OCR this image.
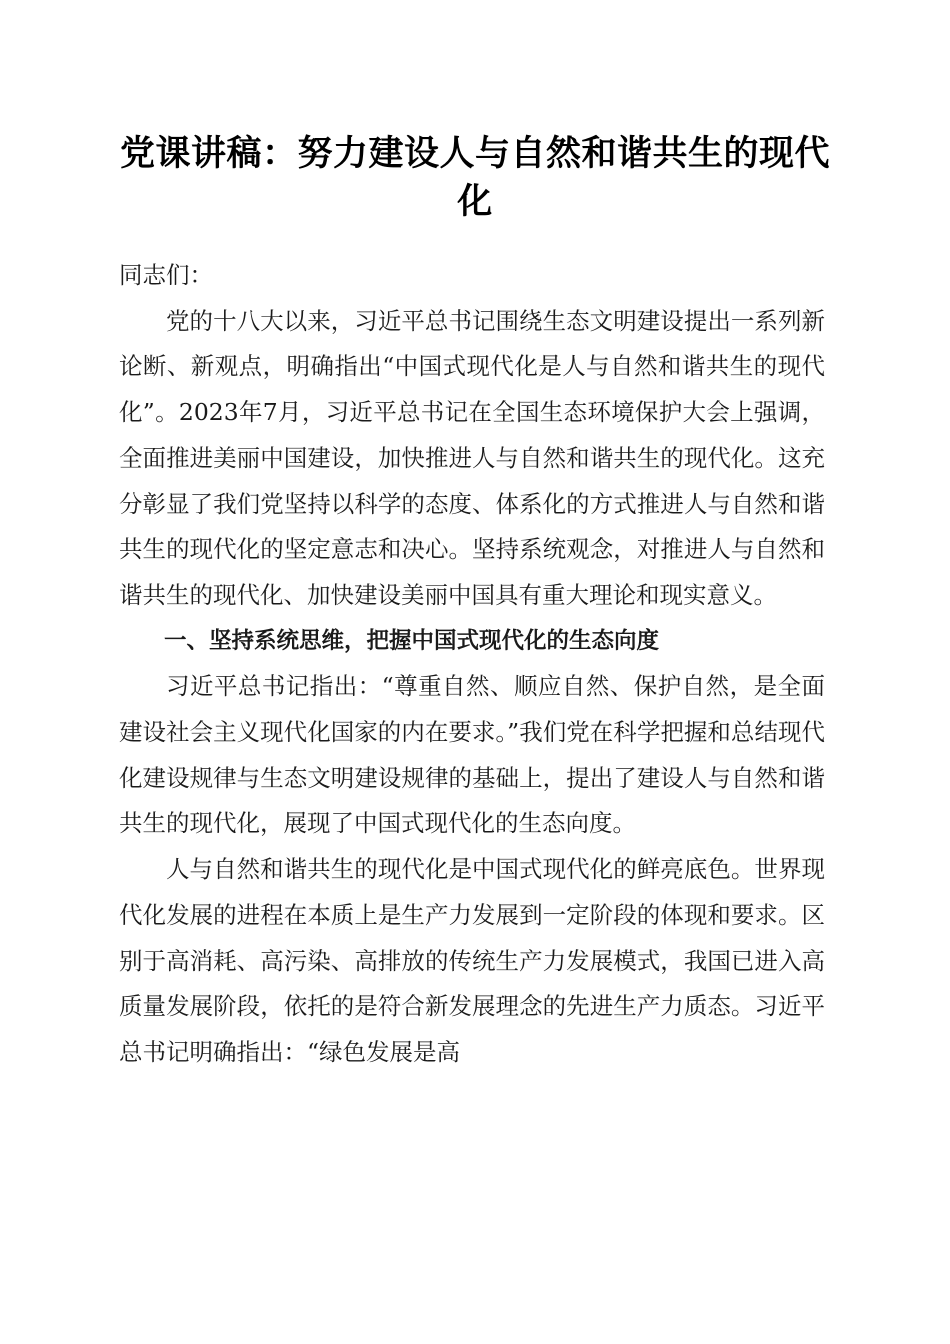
党课讲稿：努力建设人与自然和谐共生的现代化

同志们：

党的十八大以来，习近平总书记围绕生态文明建设提出一系列新论断、新观点，明确指出“中国式现代化是人与自然和谐共生的现代化”。2023年7月，习近平总书记在全国生态环境保护大会上强调，全面推进美丽中国建设，加快推进人与自然和谐共生的现代化。这充分彰显了我们党坚持以科学的态度、体系化的方式推进人与自然和谐共生的现代化的坚定意志和决心。坚持系统观念，对推进人与自然和谐共生的现代化、加快建设美丽中国具有重大理论和现实意义。

一、坚持系统思维，把握中国式现代化的生态向度

习近平总书记指出：“尊重自然、顺应自然、保护自然，是全面建设社会主义现代化国家的内在要求。”我们党在科学把握和总结现代化建设规律与生态文明建设规律的基础上，提出了建设人与自然和谐共生的现代化，展现了中国式现代化的生态向度。

人与自然和谐共生的现代化是中国式现代化的鲜亮底色。世界现代化发展的进程在本质上是生产力发展到一定阶段的体现和要求。区别于高消耗、高污染、高排放的传统生产力发展模式，我国已进入高质量发展阶段，依托的是符合新发展理念的先进生产力质态。习近平总书记明确指出：“绿色发展是高
